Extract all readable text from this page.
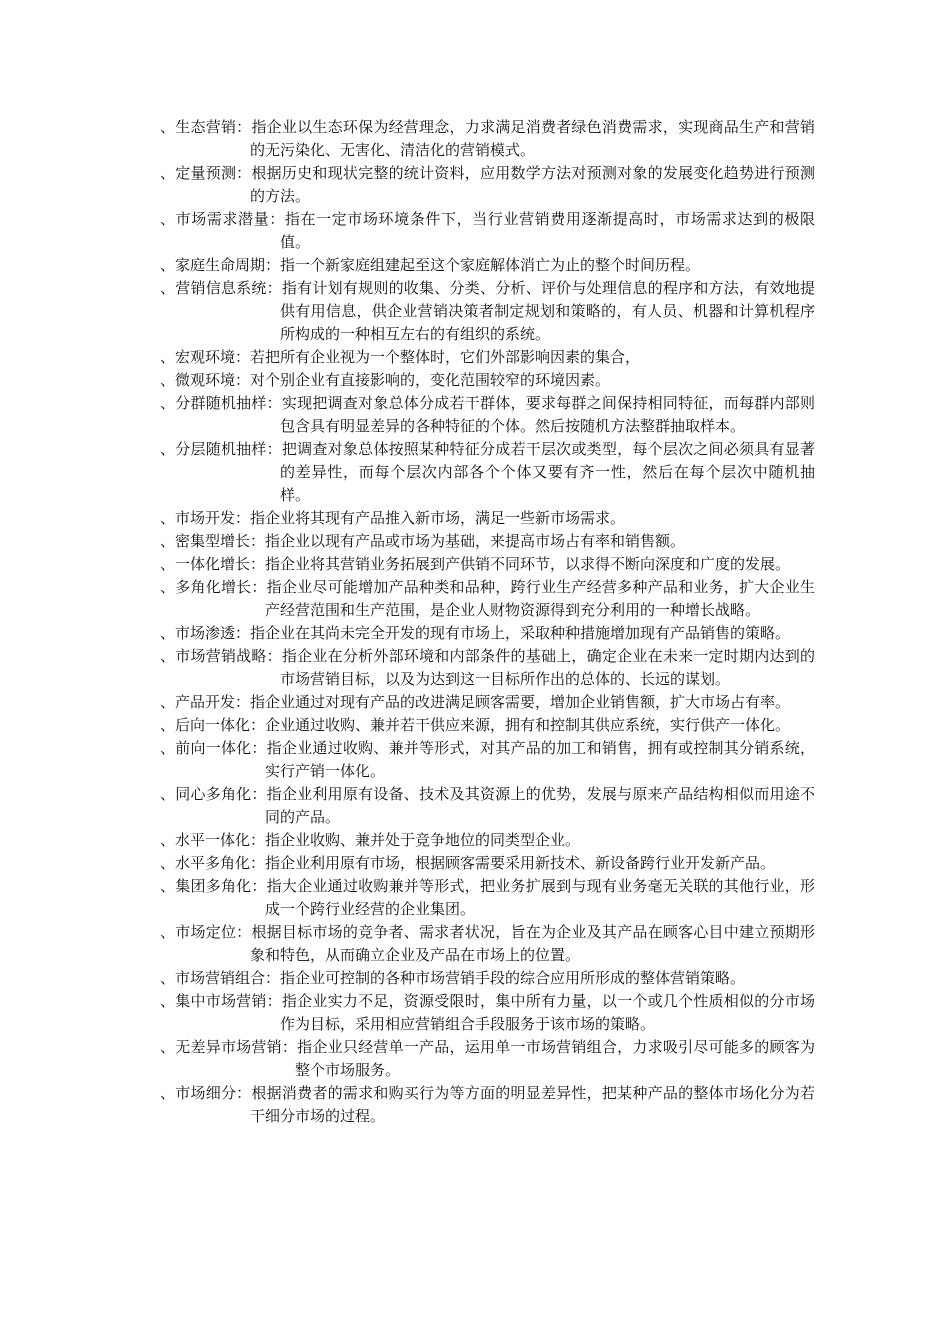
、生态营销：指企业以生态环保为经营理念，力求满足消费者绿色消费需求，实现商品生产和营销的无污染化、无害化、清洁化的营销模式。
、定量预测：根据历史和现状完整的统计资料，应用数学方法对预测对象的发展变化趋势进行预测的方法。
、市场需求潜量：指在一定市场环境条件下，当行业营销费用逐渐提高时，市场需求达到的极限值。
、家庭生命周期：指一个新家庭组建起至这个家庭解体消亡为止的整个时间历程。
、营销信息系统：指有计划有规则的收集、分类、分析、评价与处理信息的程序和方法，有效地提供有用信息，供企业营销决策者制定规划和策略的，有人员、机器和计算机程序所构成的一种相互左右的有组织的系统。
、宏观环境：若把所有企业视为一个整体时，它们外部影响因素的集合，
、微观环境：对个别企业有直接影响的，变化范围较窄的环境因素。
、分群随机抽样：实现把调查对象总体分成若干群体，要求每群之间保持相同特征，而每群内部则包含具有明显差异的各种特征的个体。然后按随机方法整群抽取样本。
、分层随机抽样：把调查对象总体按照某种特征分成若干层次或类型，每个层次之间必须具有显著的差异性，而每个层次内部各个个体又要有齐一性，然后在每个层次中随机抽样。
、市场开发：指企业将其现有产品推入新市场，满足一些新市场需求。
、密集型增长：指企业以现有产品或市场为基础，来提高市场占有率和销售额。
、一体化增长：指企业将其营销业务拓展到产供销不同环节，以求得不断向深度和广度的发展。
、多角化增长：指企业尽可能增加产品种类和品种，跨行业生产经营多种产品和业务，扩大企业生产经营范围和生产范围，是企业人财物资源得到充分利用的一种增长战略。
、市场渗透：指企业在其尚未完全开发的现有市场上，采取种种措施增加现有产品销售的策略。
、市场营销战略：指企业在分析外部环境和内部条件的基础上，确定企业在未来一定时期内达到的市场营销目标，以及为达到这一目标所作出的总体的、长远的谋划。
、产品开发：指企业通过对现有产品的改进满足顾客需要，增加企业销售额，扩大市场占有率。
、后向一体化：企业通过收购、兼并若干供应来源，拥有和控制其供应系统，实行供产一体化。
、前向一体化：指企业通过收购、兼并等形式，对其产品的加工和销售，拥有或控制其分销系统，实行产销一体化。
、同心多角化：指企业利用原有设备、技术及其资源上的优势，发展与原来产品结构相似而用途不同的产品。
、水平一体化：指企业收购、兼并处于竞争地位的同类型企业。
、水平多角化：指企业利用原有市场，根据顾客需要采用新技术、新设备跨行业开发新产品。
、集团多角化：指大企业通过收购兼并等形式，把业务扩展到与现有业务毫无关联的其他行业，形成一个跨行业经营的企业集团。
、市场定位：根据目标市场的竞争者、需求者状况，旨在为企业及其产品在顾客心目中建立预期形象和特色，从而确立企业及产品在市场上的位置。
、市场营销组合：指企业可控制的各种市场营销手段的综合应用所形成的整体营销策略。
、集中市场营销：指企业实力不足，资源受限时，集中所有力量，以一个或几个性质相似的分市场作为目标，采用相应营销组合手段服务于该市场的策略。
、无差异市场营销：指企业只经营单一产品，运用单一市场营销组合，力求吸引尽可能多的顾客为整个市场服务。
、市场细分：根据消费者的需求和购买行为等方面的明显差异性，把某种产品的整体市场化分为若干细分市场的过程。
